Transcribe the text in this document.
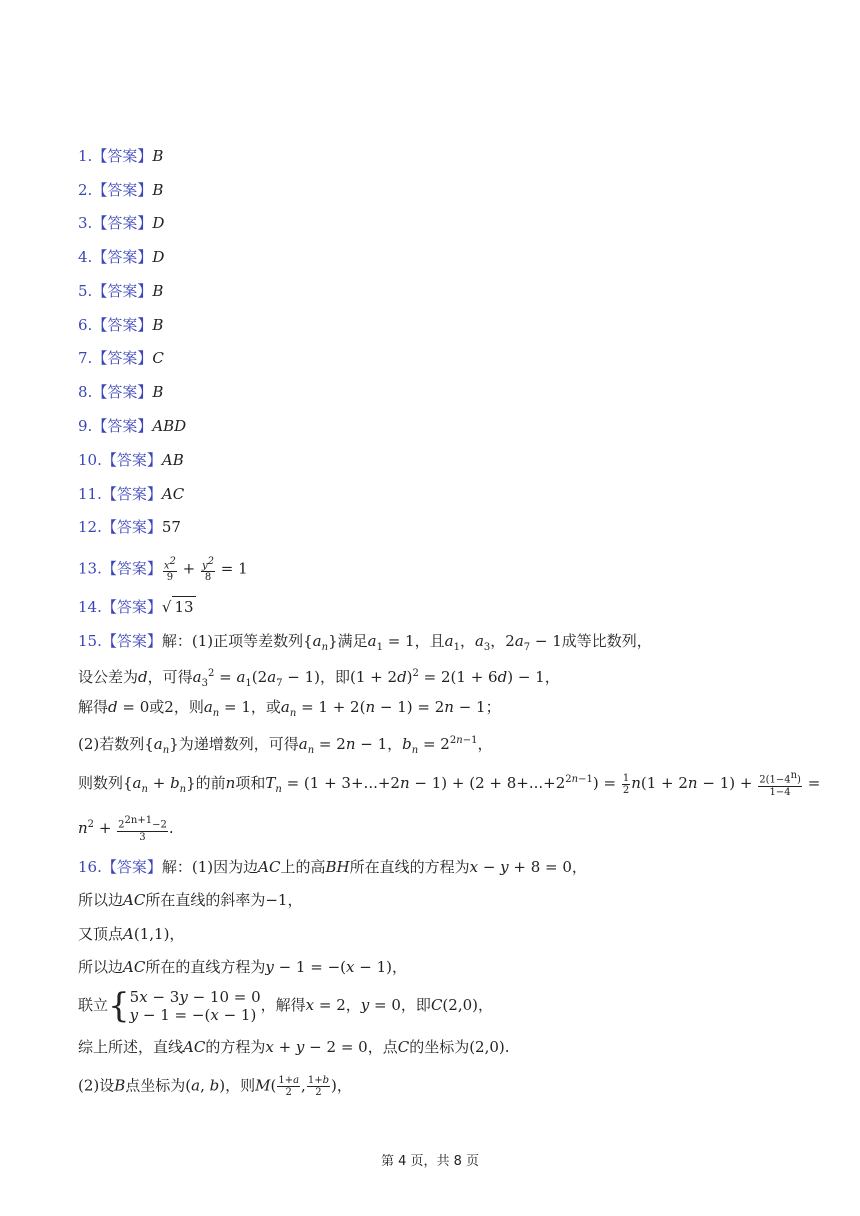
1.【答案】B
2.【答案】B
3.【答案】D
4.【答案】D
5.【答案】B
6.【答案】B
7.【答案】C
8.【答案】B
9.【答案】ABD
10.【答案】AB
11.【答案】AC
12.【答案】57
13.【答案】 $\frac{x^2}{9} + \frac{y^2}{8} = 1$
14.【答案】√ 13
15.【答案】解：(1)正项等差数列$\{a_n\}$满足$a_1 = 1$，且$a_1$，$a_3$，$2a_7 - 1$成等比数列，
设公差为d，可得$a_3^2 = a_1(2a_7 - 1)$，即$(1 + 2d)^2 = 2(1 + 6d) - 1$，
解得d = 0或2，则$a_n = 1$，或$a_n = 1 + 2(n - 1) = 2n - 1$；
(2)若数列$\{a_n\}$为递增数列，可得$a_n = 2n - 1$，$b_n = 2^{2n-1}$，
则数列$\{a_n + b_n\}$的前n项和$T_n = (1 + 3+...+2n - 1) + (2 + 8+...+2^{2n-1}) = \frac{1}{2} n(1 + 2n - 1) + \frac{2(1-4^n)}{1-4}$ =
$n^2 + \frac{2^{2n+1}-2}{3}$ .
16.【答案】解：(1)因为边AC上的高BH所在直线的方程为x − y + 8 = 0，
所以边AC所在直线的斜率为−1，
又顶点A(1,1)，
所以边AC所在的直线方程为y − 1 = −(x − 1)，
联立{ 5x − 3y − 10 = 0
y − 1 = −(x − 1)
，解得x = 2，y = 0，即C(2,0)，
综上所述，直线AC的方程为x + y − 2 = 0，点C的坐标为(2,0).
(2)设B点坐标为(a, b)，则$M( \frac{1+a}{2}$ , $\frac{1+b}{2}$ )，
第 4 页，共 8 页
